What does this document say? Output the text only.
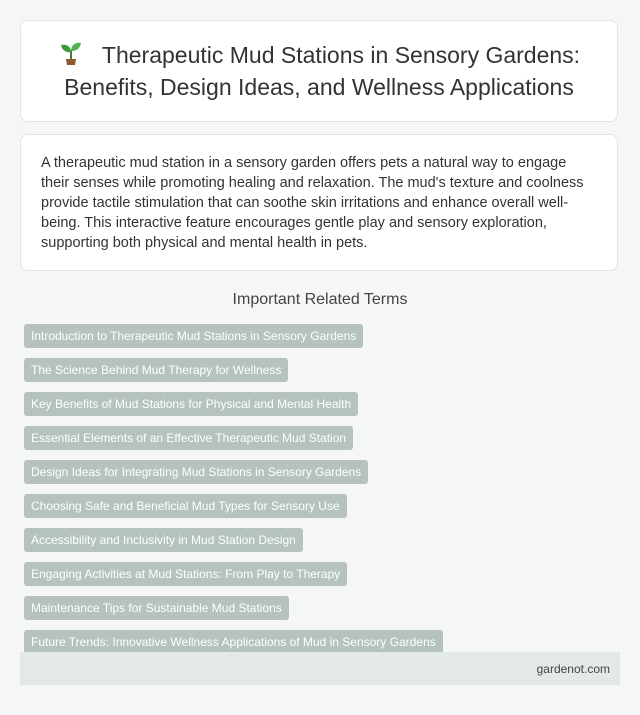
Therapeutic Mud Stations in Sensory Gardens: Benefits, Design Ideas, and Wellness Applications

A therapeutic mud station in a sensory garden offers pets a natural way to engage their senses while promoting healing and relaxation. The mud's texture and coolness provide tactile stimulation that can soothe skin irritations and enhance overall well-being. This interactive feature encourages gentle play and sensory exploration, supporting both physical and mental health in pets.

Important Related Terms
Introduction to Therapeutic Mud Stations in Sensory Gardens
The Science Behind Mud Therapy for Wellness
Key Benefits of Mud Stations for Physical and Mental Health
Essential Elements of an Effective Therapeutic Mud Station
Design Ideas for Integrating Mud Stations in Sensory Gardens
Choosing Safe and Beneficial Mud Types for Sensory Use
Accessibility and Inclusivity in Mud Station Design
Engaging Activities at Mud Stations: From Play to Therapy
Maintenance Tips for Sustainable Mud Stations
Future Trends: Innovative Wellness Applications of Mud in Sensory Gardens
gardenot.com
